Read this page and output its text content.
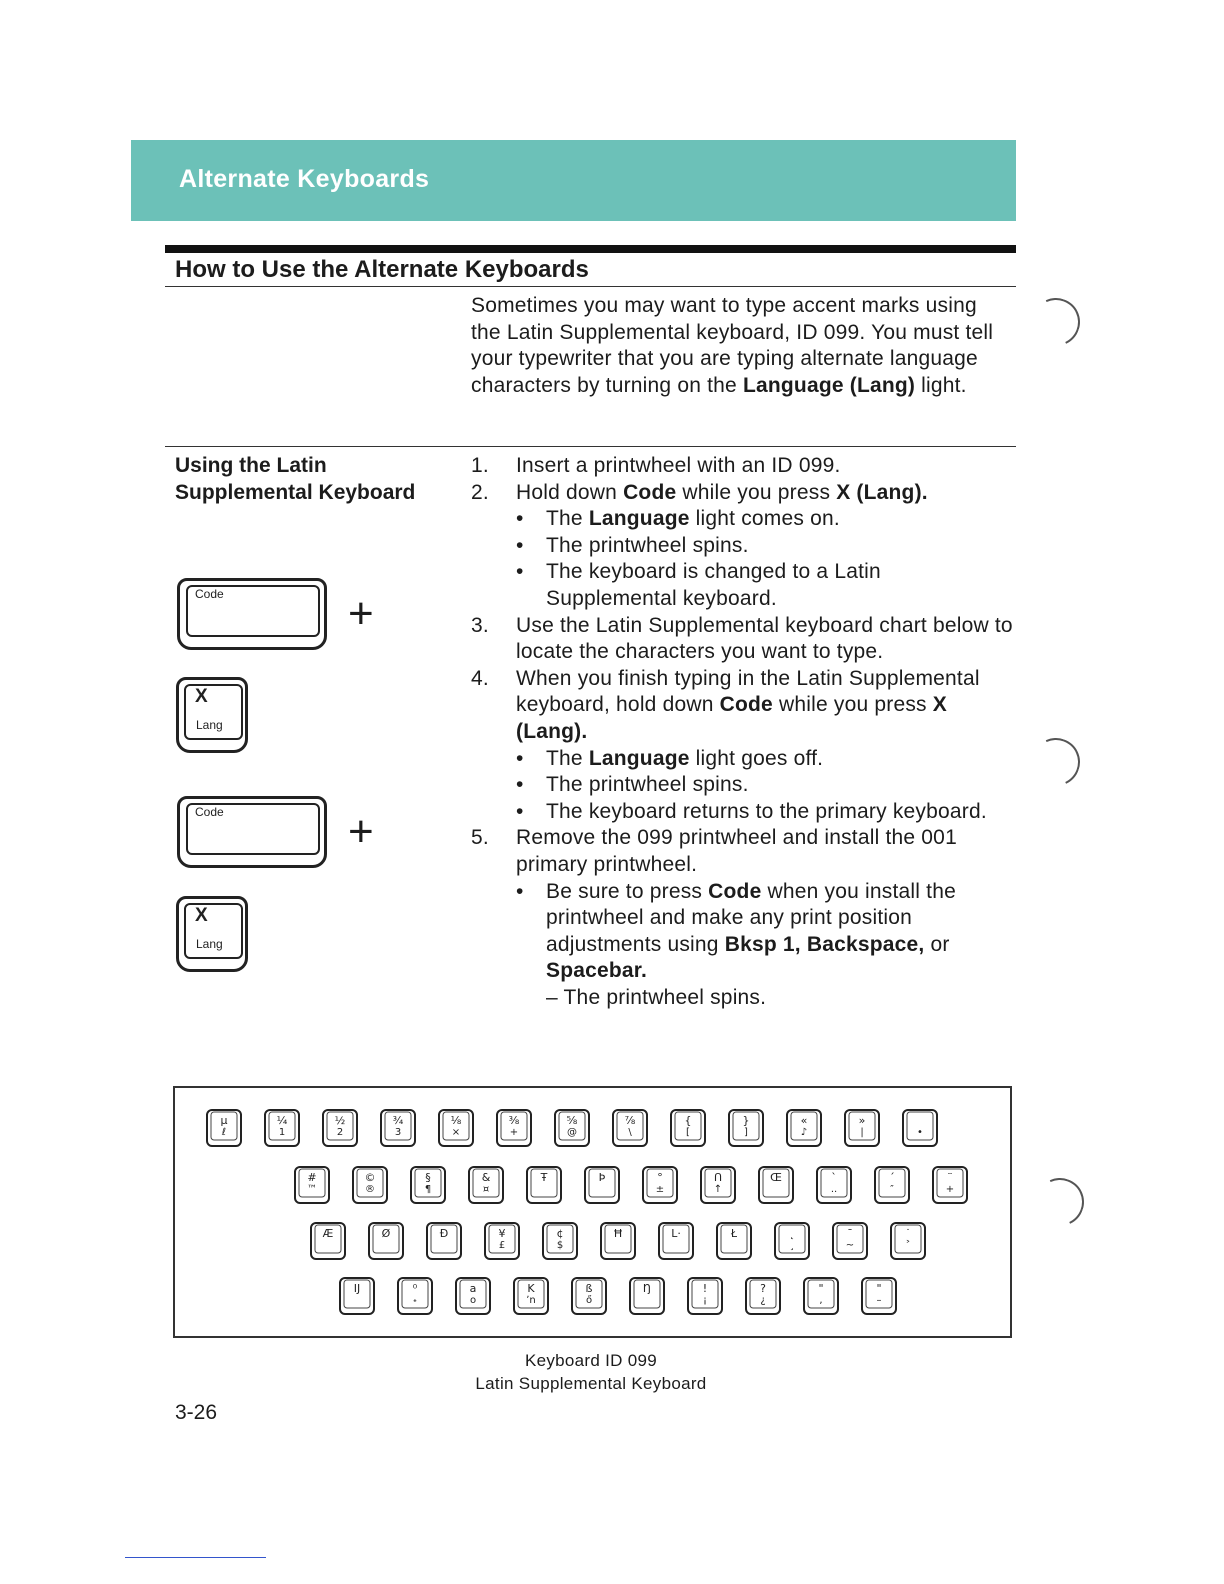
Alternate Keyboards
How to Use the Alternate Keyboards

Sometimes you may want to type accent marks using the Latin Supplemental keyboard, ID 099. You must tell your typewriter that you are typing alternate language characters by turning on the Language (Lang) light.

Using the Latin Supplemental Keyboard

Code	+
X
Lang
Code	+
X
Lang
1.	Insert a printwheel with an ID 099.
2.	Hold down Code while you press X (Lang).
•	The Language light comes on.
•	The printwheel spins.
•	The keyboard is changed to a Latin Supplemental keyboard.
3.	Use the Latin Supplemental keyboard chart below to locate the characters you want to type.
4.	When you finish typing in the Latin Supplemental keyboard, hold down Code while you press X (Lang).
•	The Language light goes off.
•	The printwheel spins.
•	The keyboard returns to the primary keyboard.
5.	Remove the 099 printwheel and install the 001 primary printwheel.
•	Be sure to press Code when you install the printwheel and make any print position adjustments using Bksp 1, Backspace, or Spacebar.
– The printwheel spins.
μ
ℓ
¼
1
½
2
¾
3
⅛
×
⅜
+
⅝
@
⅞
\
{
[
}
]
«
♪
»
|	•
#
™
©
®
§
¶
&
¤
Ŧ	Þ	°
±
Ո
↑
Œ	`
..
´
″
¨
+
Æ	Ø	Đ	¥
£
¢
$
Ħ	L·	Ł	˛
¸
¯
~
˙
˃
IJ	⁰
˖
a
o
K
ʼn
ß
ő
Ŋ	!
¡
?
¿
"
,
"
–
Keyboard ID 099
Latin Supplemental Keyboard
3-26
